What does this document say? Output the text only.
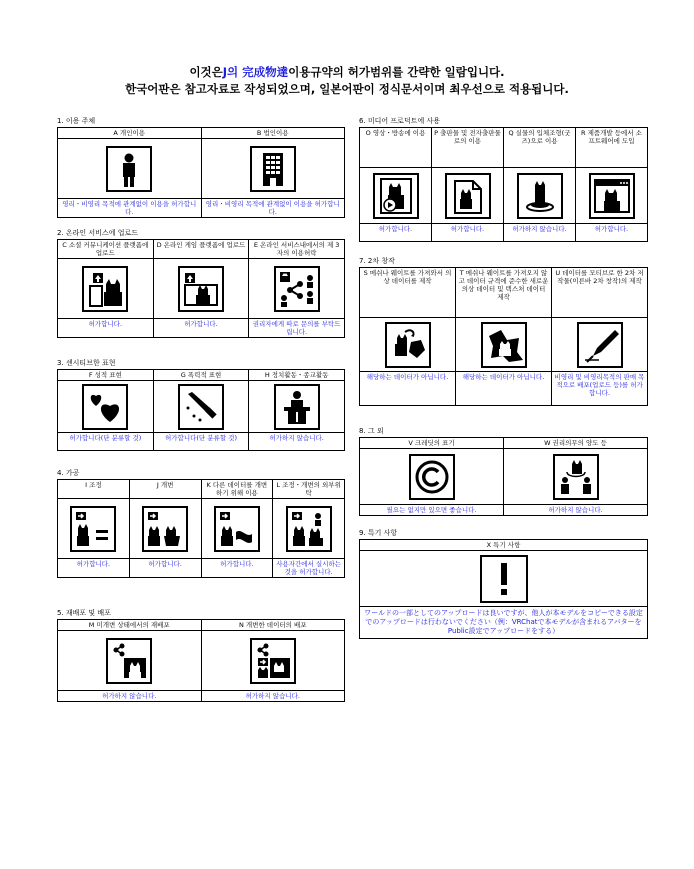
이것은J의 完成物達이용규약의 허가범위를 간략한 일람입니다.
한국어판은 참고자료로 작성되었으며, 일본어판이 정식문서이며 최우선으로 적용됩니다.
1. 이용 주체
A 개인이용	B 법인이용

영리・비영리 목적에 관계없이 이용을 허가합니다.	영리・비영리 목적에 관계없이 이용을 허가합니다.
2. 온라인 서비스에 업로드
C 소셜 커뮤니케이션 플랫폼에 업로드	D 온라인 게임 플랫폼에 업로드	E 온라인 서비스내에서의 제 3자의 이용허락

허가합니다.	허가합니다.	권리자에게 따로 문의를 부탁드립니다.
3. 센시티브한 표현
F 성적 표현	G 폭력적 표현	H 정치활동・종교활동

허가합니다(단 분류할 것)	허가합니다(단 분류할 것)	허가하지 않습니다.
4. 가공
I 조정	J 개변	K 다른 데이터를 개변하기 위해 이용	L 조정・개변의 외부위탁

허가합니다.	허가합니다.	허가합니다.	사용자간에서 실시하는 것을 허가합니다.
5. 재배포 및 배포
M 미개변 상태에서의 재배포	N 개변한 데이터의 배포

허가하지 않습니다.	허가하지 않습니다.
6. 미디어 프로덕트에 사용
O 영상・방송에 이용	P 출판물 및 전자출판물로의 이용	Q 실물의 입체조형(굿즈)으로 이용	R 제품개발 등에서 소프트웨어에 도입

허가합니다.	허가합니다.	허가하지 않습니다.	허가합니다.
7. 2차 창작
S 메쉬나 웨이트를 가져와서 의상 데이터를 제작	T 메쉬나 웨이트를 가져오지 않고 데이터 규격에 준수한 새로운 의상 데이터 및 텍스처 데이터 제작	U 데이터를 모티브로 한 2차 저작물(이른바 2차 창작)의 제작

해당하는 데이터가 아닙니다.	해당하는 데이터가 아닙니다.	비영리 및 비영리목적의 판매 목적으로 배포(업로드 등)를 허가합니다.
8. 그 외
V 크레딧의 표기	W 권리의무의 양도 등

필요는 없지만 있으면 좋습니다.	허가하지 않습니다.
9. 특기 사항
X 특기 사항

ワールドの一部としてのアップロードは良いですが、他人が本モデルをコピーできる設定でのアップロードは行わないでください（例：VRChatで本モデルが含まれるアバターをPublic設定でアップロードをする）
